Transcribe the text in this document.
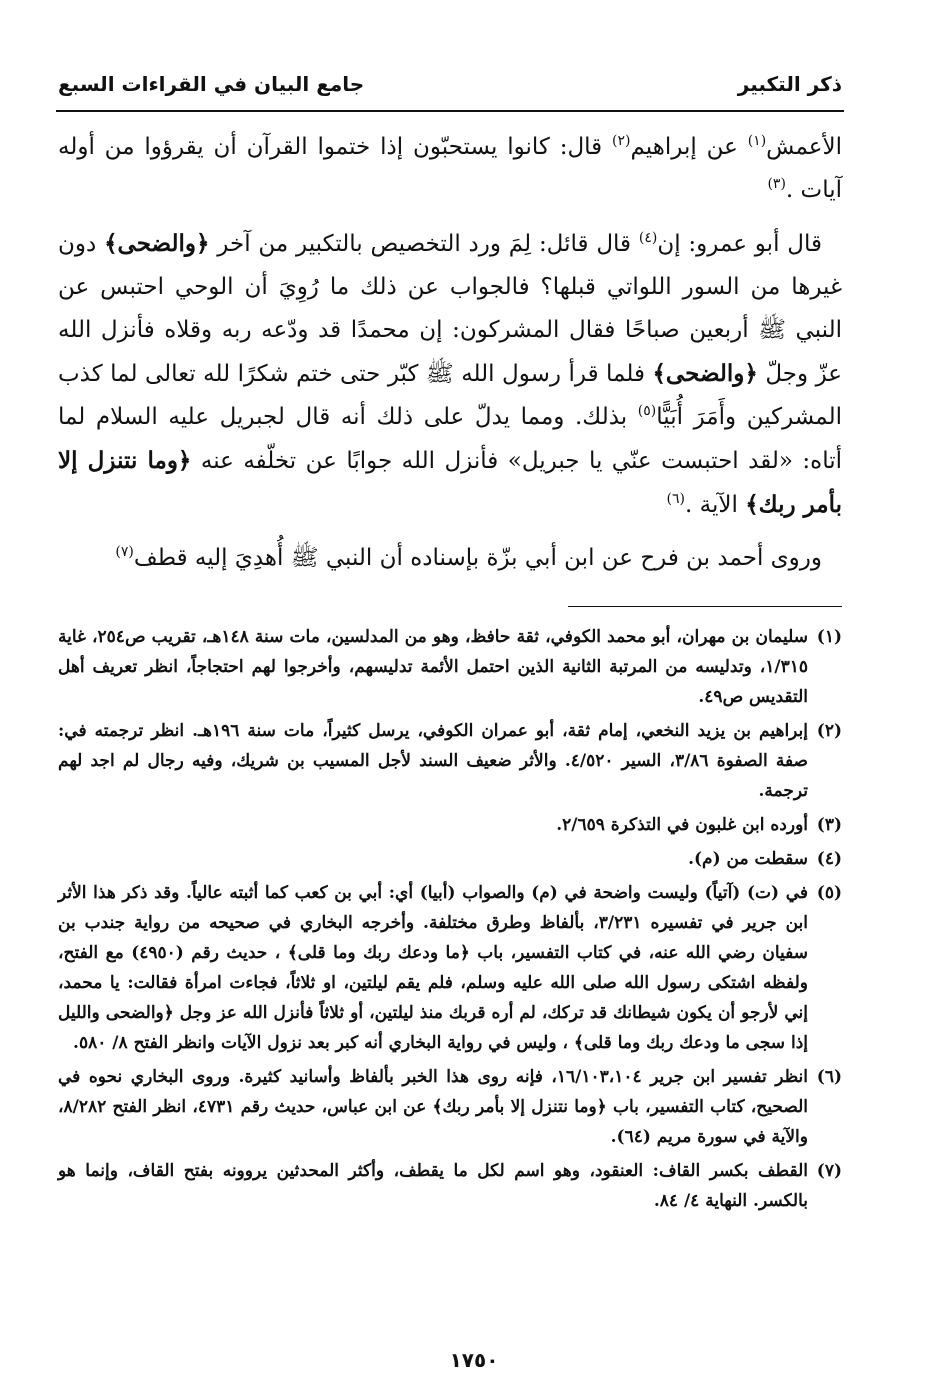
ذكر التكبير
جامع البيان في القراءات السبع

الأعمش$^{(١)}$ عن إبراهيم$^{(٢)}$ قال: كانوا يستحبّون إذا ختموا القرآن أن يقرؤوا من أوله آيات .$^{(٣)}$

قال أبو عمرو: إن$^{(٤)}$ قال قائل: لِمَ ورد التخصيص بالتكبير من آخر ﴿والضحى﴾ دون غيرها من السور اللواتي قبلها؟ فالجواب عن ذلك ما رُوِيَ أن الوحي احتبس عن النبي ﷺ أربعين صباحًا فقال المشركون: إن محمدًا قد ودّعه ربه وقلاه فأنزل الله عزّ وجلّ ﴿والضحى﴾ فلما قرأ رسول الله ﷺ كبّر حتى ختم شكرًا لله تعالى لما كذب المشركين وأَمَرَ أُبَيًّا$^{(٥)}$ بذلك. ومما يدلّ على ذلك أنه قال لجبريل عليه السلام لما أتاه: «لقد احتبست عنّي يا جبريل» فأنزل الله جوابًا عن تخلّفه عنه ﴿وما نتنزل إلا بأمر ربك﴾ الآية .$^{(٦)}$

وروى أحمد بن فرح عن ابن أبي بزّة بإسناده أن النبي ﷺ أُهدِيَ إليه قطف$^{(٧)}$

(١)
سليمان بن مهران، أبو محمد الكوفي، ثقة حافظ، وهو من المدلسين، مات سنة ١٤٨هـ، تقريب ص٢٥٤، غاية ١/٣١٥، وتدليسه من المرتبة الثانية الذين احتمل الأئمة تدليسهم، وأخرجوا لهم احتجاجاً، انظر تعريف أهل التقديس ص٤٩.
(٢)
إبراهيم بن يزيد النخعي، إمام ثقة، أبو عمران الكوفي، يرسل كثيراً، مات سنة ١٩٦هـ. انظر ترجمته في: صفة الصفوة ٣/٨٦، السير ٤/٥٢٠. والأثر ضعيف السند لأجل المسيب بن شريك، وفيه رجال لم اجد لهم ترجمة.
(٣)
أورده ابن غلبون في التذكرة ٢/٦٥٩.
(٤)
سقطت من (م).
(٥)
في (ت) (آتياً) وليست واضحة في (م) والصواب (أبيا) أي: أبي بن كعب كما أثبته عالياً. وقد ذكر هذا الأثر ابن جرير في تفسيره ٣/٢٣١، بألفاظ وطرق مختلفة. وأخرجه البخاري في صحيحه من رواية جندب بن سفيان رضي الله عنه، في كتاب التفسير، باب ﴿ما ودعك ربك وما قلى﴾ ، حديث رقم (٤٩٥٠) مع الفتح، ولفظه اشتكى رسول الله صلى الله عليه وسلم، فلم يقم ليلتين، او ثلاثاً، فجاءت امرأة فقالت: يا محمد، إني لأرجو أن يكون شيطانك قد تركك، لم أره قربك منذ ليلتين، أو ثلاثاً فأنزل الله عز وجل ﴿والضحى والليل إذا سجى ما ودعك ربك وما قلى﴾ ، وليس في رواية البخاري أنه كبر بعد نزول الآيات وانظر الفتح ٨/ ٥٨٠.
(٦)
انظر تفسير ابن جرير ١٦/١٠٣،١٠٤، فإنه روى هذا الخبر بألفاظ وأسانيد كثيرة. وروى البخاري نحوه في الصحيح، كتاب التفسير، باب ﴿وما نتنزل إلا بأمر ربك﴾ عن ابن عباس، حديث رقم ٤٧٣١، انظر الفتح ٨/٢٨٢، والآية في سورة مريم (٦٤).
(٧)
القطف بكسر القاف: العنقود، وهو اسم لكل ما يقطف، وأكثر المحدثين يروونه بفتح القاف، وإنما هو بالكسر. النهاية ٤/ ٨٤.
١٧٥٠
